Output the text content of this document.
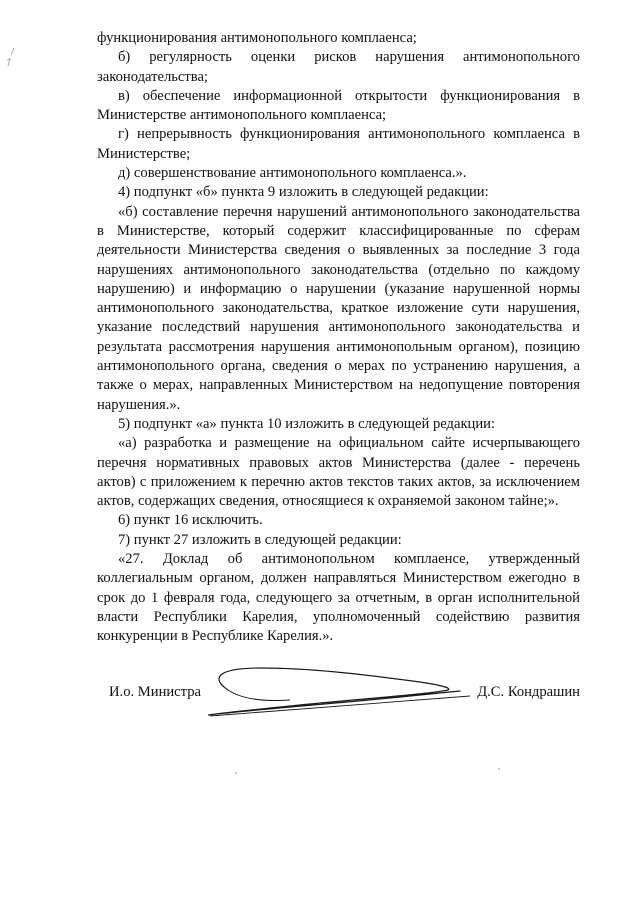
функционирования антимонопольного комплаенса;

б) регулярность оценки рисков нарушения антимонопольного законодательства;

в) обеспечение информационной открытости функционирования в Министерстве антимонопольного комплаенса;

г) непрерывность функционирования антимонопольного комплаенса в Министерстве;

д) совершенствование антимонопольного комплаенса.».

4) подпункт «б» пункта 9 изложить в следующей редакции:

«б) составление перечня нарушений антимонопольного законодательства в Министерстве, который содержит классифицированные по сферам деятельности Министерства сведения о выявленных за последние 3 года нарушениях антимонопольного законодательства (отдельно по каждому нарушению) и информацию о нарушении (указание нарушенной нормы антимонопольного законодательства, краткое изложение сути нарушения, указание последствий нарушения антимонопольного законодательства и результата рассмотрения нарушения антимонопольным органом), позицию антимонопольного органа, сведения о мерах по устранению нарушения, а также о мерах, направленных Министерством на недопущение повторения нарушения.».

5) подпункт «а» пункта 10 изложить в следующей редакции:

«а) разработка и размещение на официальном сайте исчерпывающего перечня нормативных правовых актов Министерства (далее - перечень актов) с приложением к перечню актов текстов таких актов, за исключением актов, содержащих сведения, относящиеся к охраняемой законом тайне;».

6) пункт 16 исключить.

7) пункт 27 изложить в следующей редакции:

«27. Доклад об антимонопольном комплаенсе, утвержденный коллегиальным органом, должен направляться Министерством ежегодно в срок до 1 февраля года, следующего за отчетным, в орган исполнительной власти Республики Карелия, уполномоченный содействию развития конкуренции в Республике Карелия.».

И.о. Министра	Д.С. Кондрашин
